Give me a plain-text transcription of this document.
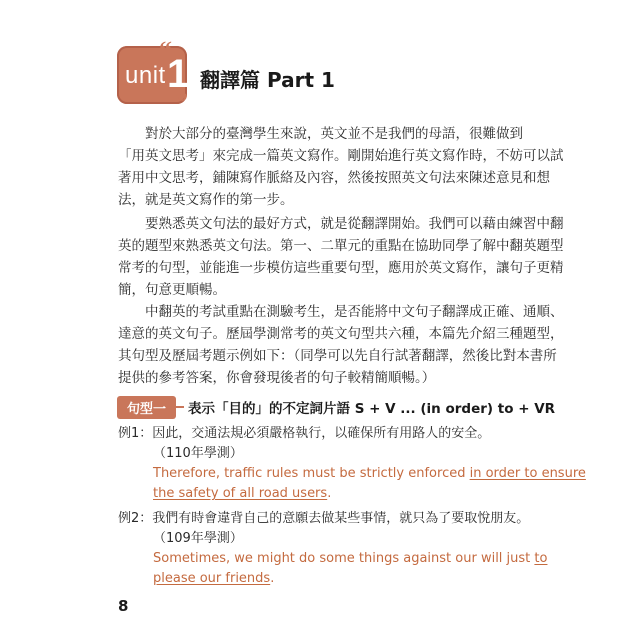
unit 1
“
”
翻譯篇 Part 1
對於大部分的臺灣學生來說，英文並不是我們的母語，很難做到
「用英文思考」來完成一篇英文寫作。剛開始進行英文寫作時，不妨可以試
著用中文思考，鋪陳寫作脈絡及內容，然後按照英文句法來陳述意見和想
法，就是英文寫作的第一步。
要熟悉英文句法的最好方式，就是從翻譯開始。我們可以藉由練習中翻
英的題型來熟悉英文句法。第一、二單元的重點在協助同學了解中翻英題型
常考的句型，並能進一步模仿這些重要句型，應用於英文寫作，讓句子更精
簡，句意更順暢。
中翻英的考試重點在測驗考生，是否能將中文句子翻譯成正確、通順、
達意的英文句子。歷屆學測常考的英文句型共六種，本篇先介紹三種題型，
其句型及歷屆考題示例如下：（同學可以先自行試著翻譯，然後比對本書所
提供的參考答案，你會發現後者的句子較精簡順暢。）
句型一	表示「目的」的不定詞片語 S + V ... (in order) to + VR
例1：因此，交通法規必須嚴格執行，以確保所有用路人的安全。
（110年學測）
Therefore, traffic rules must be strictly enforced in order to ensure
the safety of all road users.
例2：我們有時會違背自己的意願去做某些事情，就只為了要取悅朋友。
（109年學測）
Sometimes, we might do some things against our will just to
please our friends.
8
